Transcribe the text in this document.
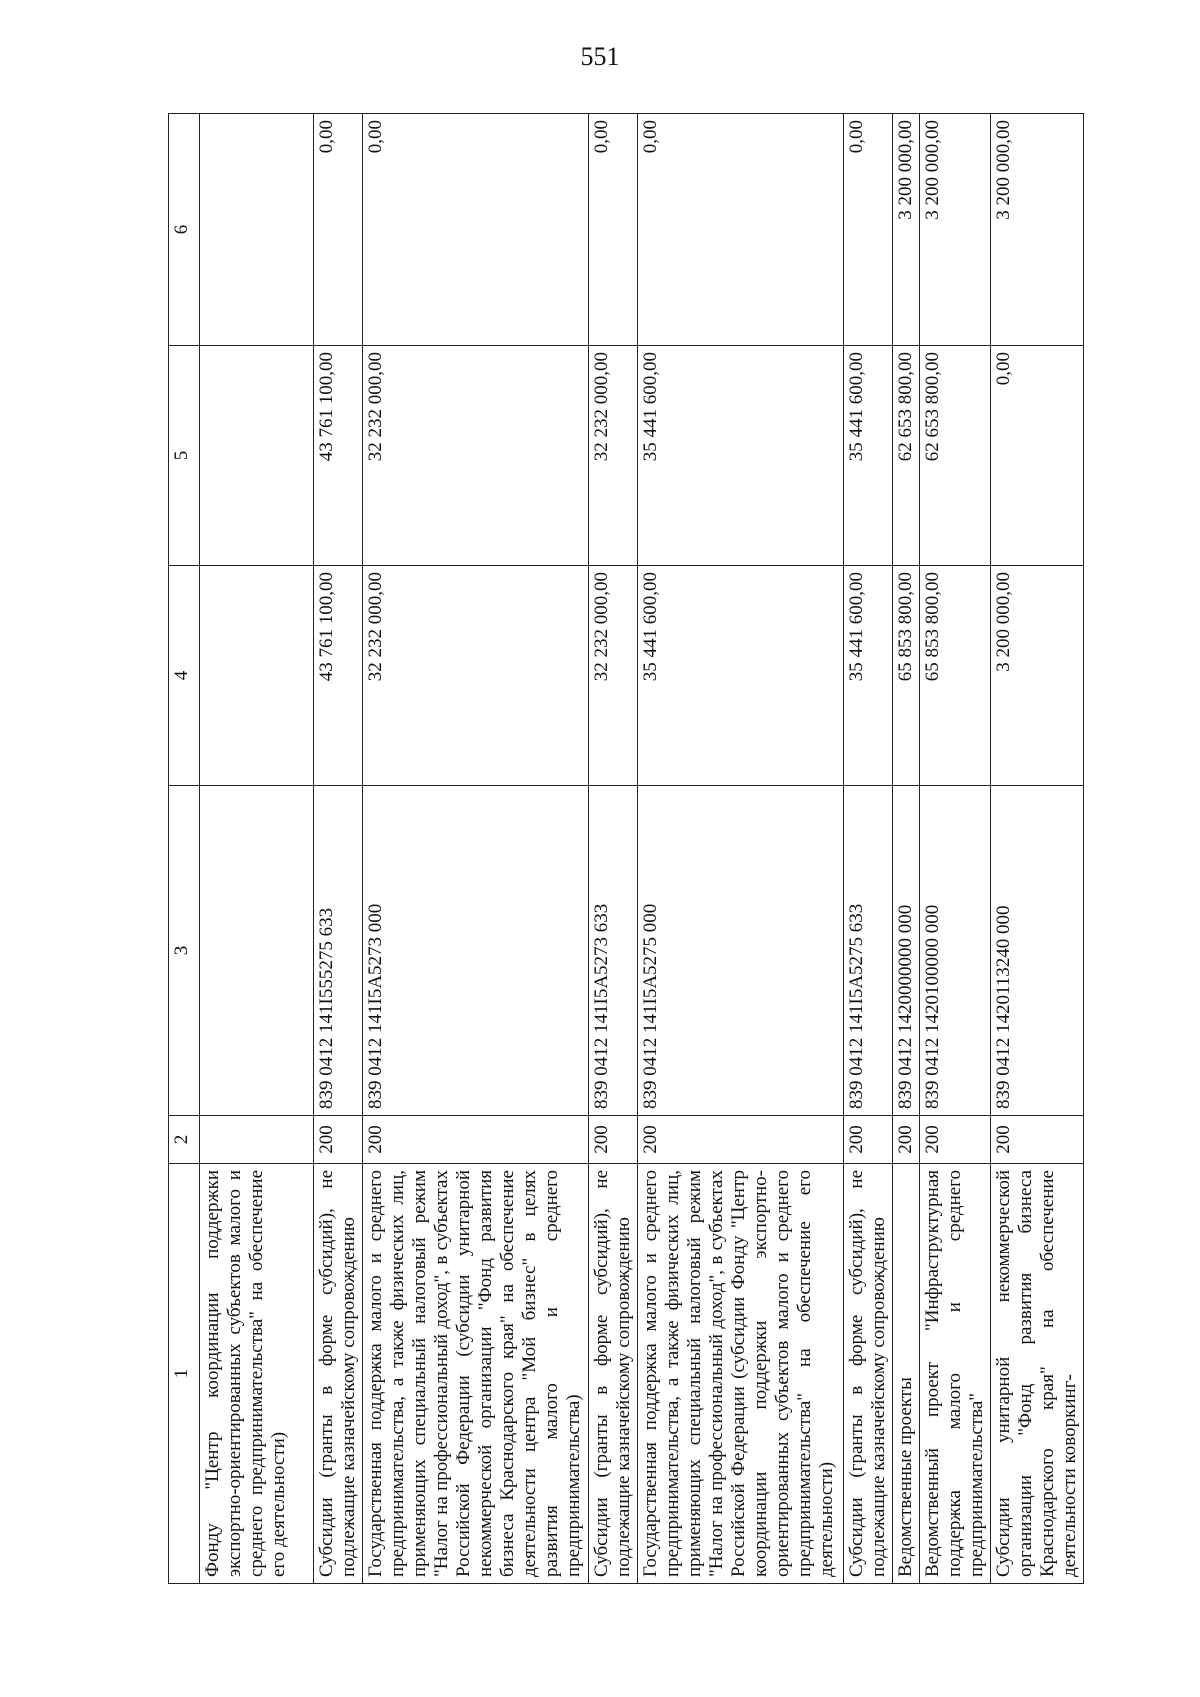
551
1	2	3	4	5	6
Фонду "Центр координации поддержки экспортно-ориентированных субъектов малого и среднего предпринимательства" на обеспечение его деятельности)					
Субсидии (гранты в форме субсидий), не подлежащие казначейскому сопровождению	200	839 0412 141I555275 633	43 761 100,00	43 761 100,00	0,00
Государственная поддержка малого и среднего предпринимательства, а также физических лиц, применяющих специальный налоговый режим "Налог на профессиональный доход", в субъектах Российской Федерации (субсидии унитарной некоммерческой организации "Фонд развития бизнеса Краснодарского края" на обеспечение деятельности центра "Мой бизнес" в целях развития малого и среднего предпринимательства)	200	839 0412 141I5A5273 000	32 232 000,00	32 232 000,00	0,00
Субсидии (гранты в форме субсидий), не подлежащие казначейскому сопровождению	200	839 0412 141I5A5273 633	32 232 000,00	32 232 000,00	0,00
Государственная поддержка малого и среднего предпринимательства, а также физических лиц, применяющих специальный налоговый режим "Налог на профессиональный доход", в субъектах Российской Федерации (субсидии Фонду "Центр координации поддержки экспортно-ориентированных субъектов малого и среднего предпринимательства" на обеспечение его деятельности)	200	839 0412 141I5A5275 000	35 441 600,00	35 441 600,00	0,00
Субсидии (гранты в форме субсидий), не подлежащие казначейскому сопровождению	200	839 0412 141I5A5275 633	35 441 600,00	35 441 600,00	0,00
Ведомственные проекты	200	839 0412 1420000000 000	65 853 800,00	62 653 800,00	3 200 000,00
Ведомственный проект "Инфраструктурная поддержка малого и среднего предпринимательства"	200	839 0412 1420100000 000	65 853 800,00	62 653 800,00	3 200 000,00
Субсидии унитарной некоммерческой организации "Фонд развития бизнеса Краснодарского края" на обеспечение деятельности коворкинг-	200	839 0412 1420113240 000	3 200 000,00	0,00	3 200 000,00
